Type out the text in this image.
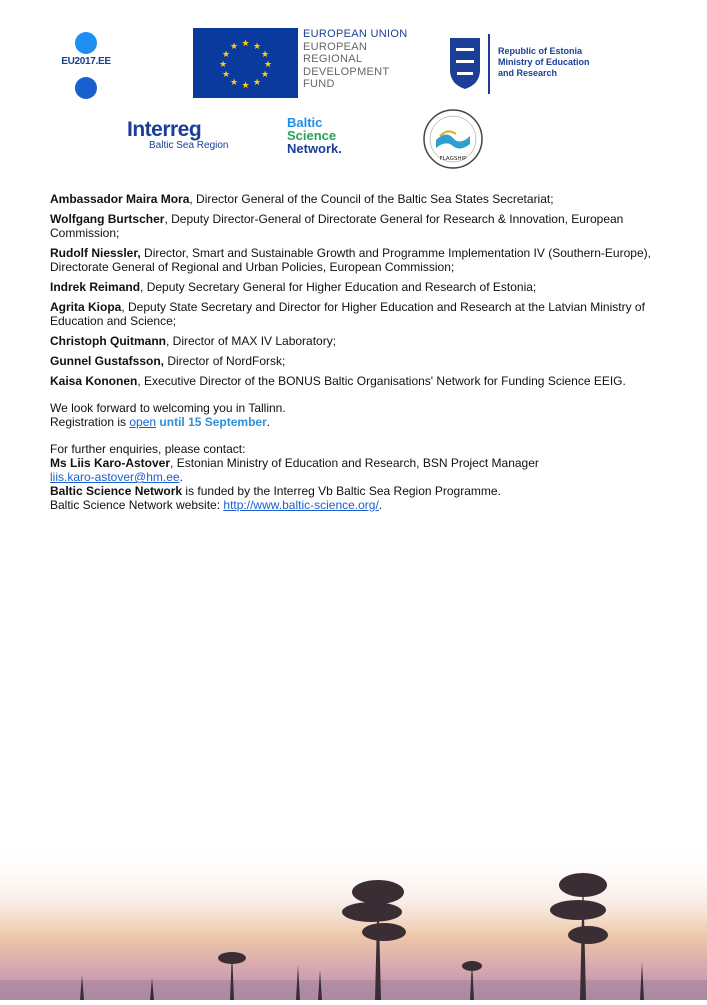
EU2017.EE
★ ★
★
★
★
★
★
★
★
★
★
★
EUROPEAN UNION
EUROPEAN
REGIONAL
DEVELOPMENT
FUND
Republic of Estonia
Ministry of Education
and Research
Interreg
Baltic Sea Region
Baltic
Science
Network.
FLAGSHIP

Ambassador Maira Mora, Director General of the Council of the Baltic Sea States Secretariat;

Wolfgang Burtscher, Deputy Director-General of Directorate General for Research & Innovation, European Commission;

Rudolf Niessler, Director, Smart and Sustainable Growth and Programme Implementation IV (Southern-Europe), Directorate General of Regional and Urban Policies, European Commission;

Indrek Reimand, Deputy Secretary General for Higher Education and Research of Estonia;

Agrita Kiopa, Deputy State Secretary and Director for Higher Education and Research at the Latvian Ministry of Education and Science;

Christoph Quitmann, Director of MAX IV Laboratory;

Gunnel Gustafsson, Director of NordForsk;

Kaisa Kononen, Executive Director of the BONUS Baltic Organisations' Network for Funding Science EEIG.

We look forward to welcoming you in Tallinn.
Registration is open until 15 September.
For further enquiries, please contact:
Ms Liis Karo-Astover, Estonian Ministry of Education and Research, BSN Project Manager
liis.karo-astover@hm.ee.
Baltic Science Network is funded by the Interreg Vb Baltic Sea Region Programme.
Baltic Science Network website: http://www.baltic-science.org/.
